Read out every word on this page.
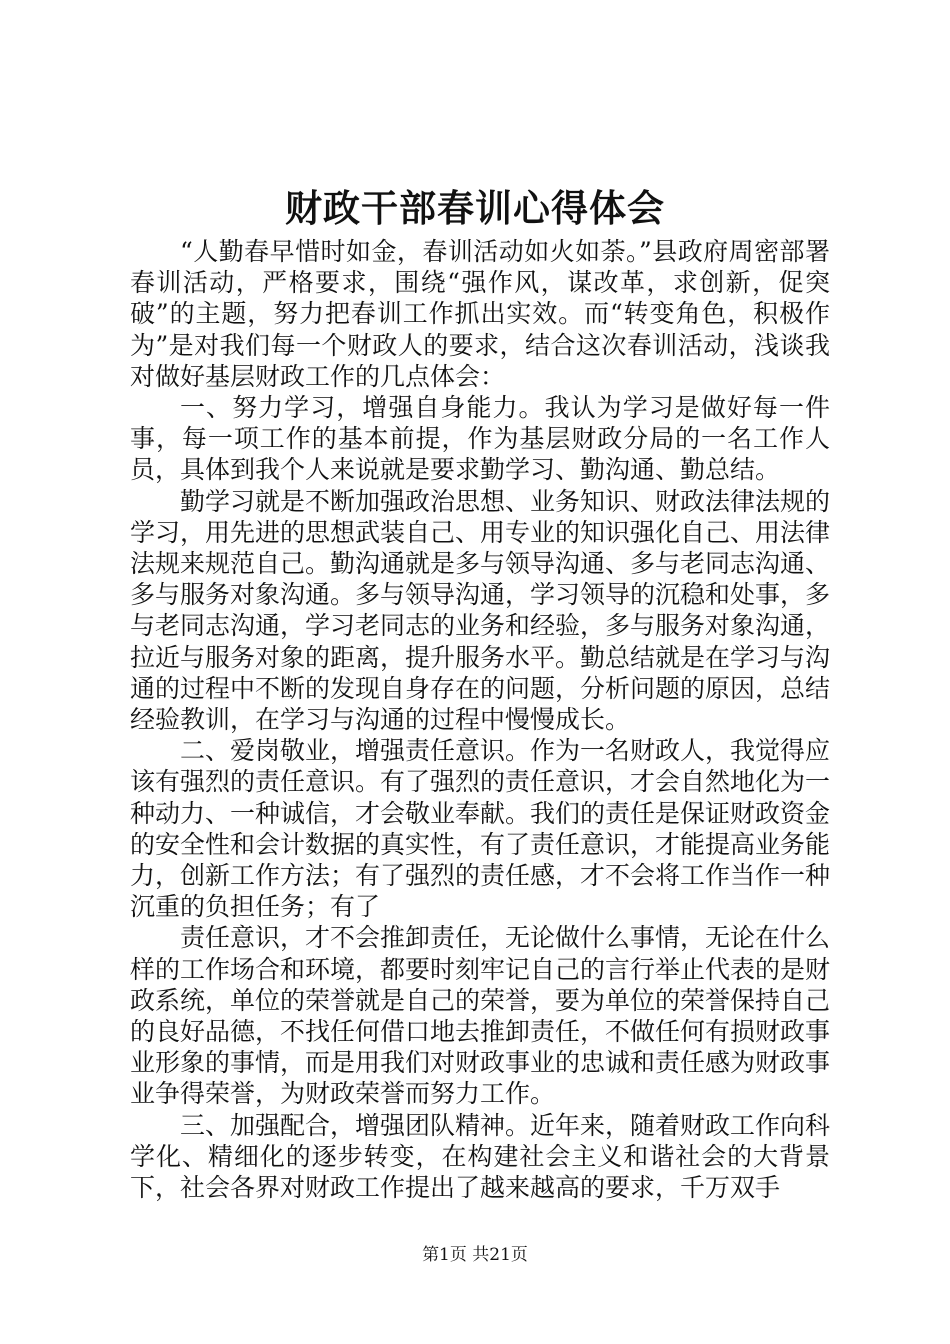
财政干部春训心得体会

“人勤春早惜时如金，春训活动如火如荼。”县政府周密部署春训活动，严格要求，围绕“强作风，谋改革，求创新，促突破”的主题，努力把春训工作抓出实效。而“转变角色，积极作为”是对我们每一个财政人的要求，结合这次春训活动，浅谈我对做好基层财政工作的几点体会：

一、努力学习，增强自身能力。我认为学习是做好每一件事，每一项工作的基本前提，作为基层财政分局的一名工作人员，具体到我个人来说就是要求勤学习、勤沟通、勤总结。

勤学习就是不断加强政治思想、业务知识、财政法律法规的学习，用先进的思想武装自己、用专业的知识强化自己、用法律法规来规范自己。勤沟通就是多与领导沟通、多与老同志沟通、多与服务对象沟通。多与领导沟通，学习领导的沉稳和处事，多与老同志沟通，学习老同志的业务和经验，多与服务对象沟通，拉近与服务对象的距离，提升服务水平。勤总结就是在学习与沟通的过程中不断的发现自身存在的问题，分析问题的原因，总结经验教训，在学习与沟通的过程中慢慢成长。

二、爱岗敬业，增强责任意识。作为一名财政人，我觉得应该有强烈的责任意识。有了强烈的责任意识，才会自然地化为一种动力、一种诚信，才会敬业奉献。我们的责任是保证财政资金的安全性和会计数据的真实性，有了责任意识，才能提高业务能力，创新工作方法；有了强烈的责任感，才不会将工作当作一种沉重的负担任务；有了

责任意识，才不会推卸责任，无论做什么事情，无论在什么样的工作场合和环境，都要时刻牢记自己的言行举止代表的是财政系统，单位的荣誉就是自己的荣誉，要为单位的荣誉保持自己的良好品德，不找任何借口地去推卸责任，不做任何有损财政事业形象的事情，而是用我们对财政事业的忠诚和责任感为财政事业争得荣誉，为财政荣誉而努力工作。

三、加强配合，增强团队精神。近年来，随着财政工作向科学化、精细化的逐步转变，在构建社会主义和谐社会的大背景下，社会各界对财政工作提出了越来越高的要求，千万双手

第1页 共21页
